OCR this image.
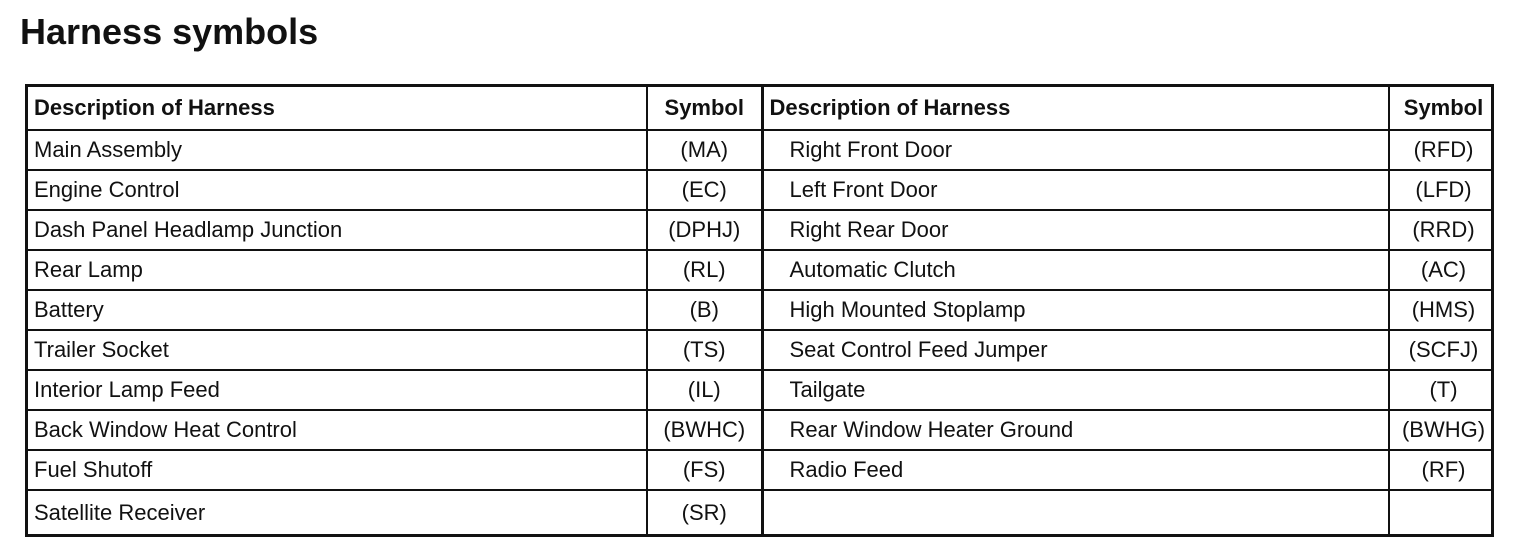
Harness symbols
Description of Harness	Symbol	Description of Harness	Symbol
Main Assembly	(MA)	Right Front Door	(RFD)
Engine Control	(EC)	Left Front Door	(LFD)
Dash Panel Headlamp Junction	(DPHJ)	Right Rear Door	(RRD)
Rear Lamp	(RL)	Automatic Clutch	(AC)
Battery	(B)	High Mounted Stoplamp	(HMS)
Trailer Socket	(TS)	Seat Control Feed Jumper	(SCFJ)
Interior Lamp Feed	(IL)	Tailgate	(T)
Back Window Heat Control	(BWHC)	Rear Window Heater Ground	(BWHG)
Fuel Shutoff	(FS)	Radio Feed	(RF)
Satellite Receiver	(SR)		
